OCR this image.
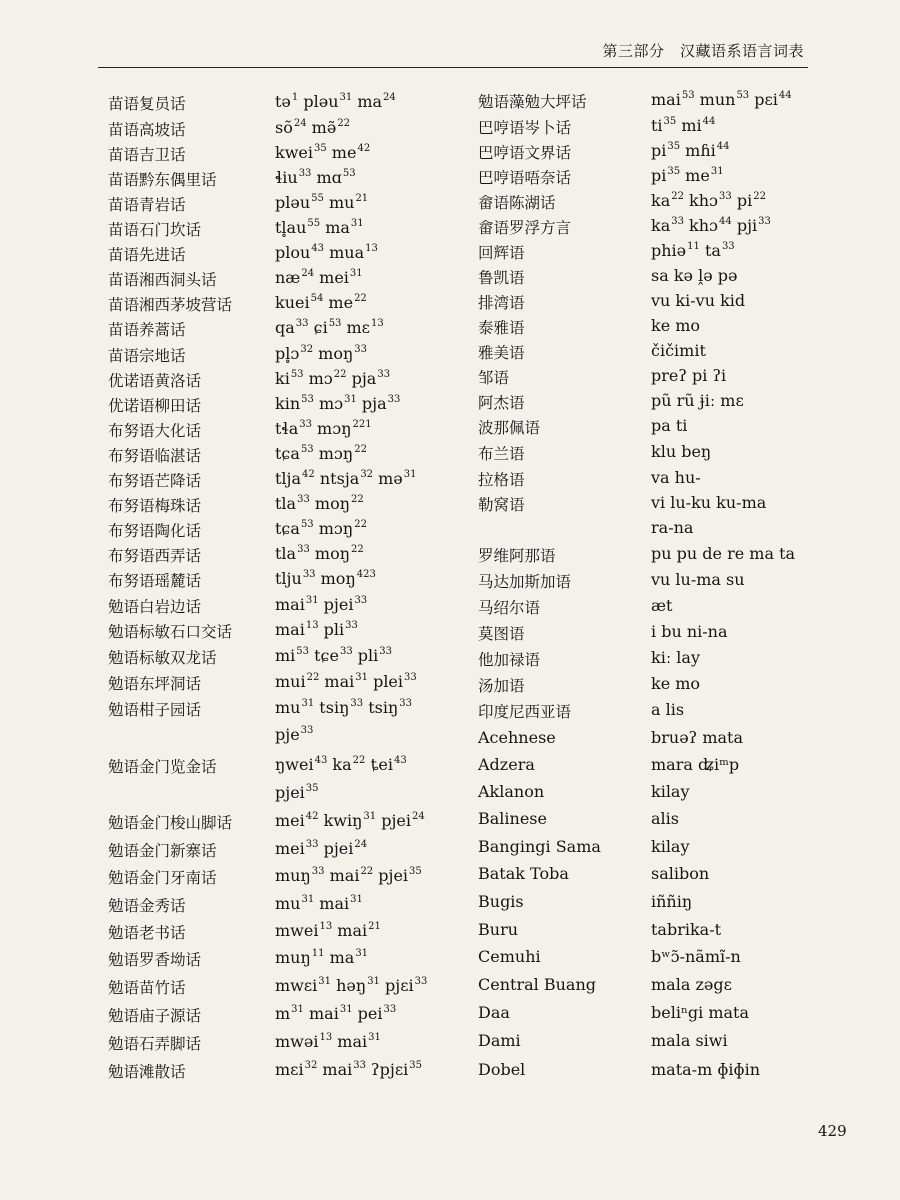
第三部分　汉藏语系语言词表
苗语复员话	tə$^1$ pləu$^{31}$ $ma^{24}$
苗语高坡话	$sõ^{24}$ mə̃$^{22}$
苗语吉卫话	kwei$^{35}$ $me^{42}$
苗语黔东偶里话	ɬiu$^{33}$ mɑ$^{53}$
苗语青岩话	pləu$^{55}$ $mu^{21}$
苗语石门坎话	$tl̥au^{55}$ $ma^{31}$
苗语先进话	plou$^{43}$ mua$^{13}$
苗语湘西洞头话	$næ^{24}$ mei$^{31}$
苗语湘西茅坡营话	kuei$^{54}$ $me^{22}$
苗语养蒿话	$qa^{33}$ ɕi$^{53}$ mɛ$^{13}$
苗语宗地话	pl̥ɔ$^{32}$ moŋ$^{33}$
优诺语黄洛话	$ki^{53}$ mɔ$^{22}$ pja$^{33}$
优诺语柳田话	kin$^{53}$ mɔ$^{31}$ pja$^{33}$
布努语大化话	tɬa$^{33}$ mɔŋ$^{221}$
布努语临湛话	tɕa$^{53}$ mɔŋ$^{22}$
布努语芒降话	tlja$^{42}$ ntsja$^{32}$ mə$^{31}$
布努语梅珠话	tla$^{33}$ moŋ$^{22}$
布努语陶化话	tɕa$^{53}$ mɔŋ$^{22}$
布努语西弄话	tla$^{33}$ moŋ$^{22}$
布努语瑶麓话	tlju$^{33}$ moŋ$^{423}$
勉语白岩边话	mai$^{31}$ pjei$^{33}$
勉语标敏石口交话	mai$^{13}$ pli$^{33}$
勉语标敏双龙话	$mi^{53}$ tɕe$^{33}$ pli$^{33}$
勉语东坪洞话	mui$^{22}$ mai$^{31}$ plei$^{33}$
勉语柑子园话	$mu^{31}$ tsiŋ$^{33}$ tsiŋ$^{33}$
pje$^{33}$
勉语金门览金话	ŋwei$^{43}$ $ka^{22}$ ȶei$^{43}$
pjei$^{35}$
勉语金门梭山脚话	mei$^{42}$ kwiŋ$^{31}$ pjei$^{24}$
勉语金门新寨话	mei$^{33}$ pjei$^{24}$
勉语金门牙南话	muŋ$^{33}$ mai$^{22}$ pjei$^{35}$
勉语金秀话	$mu^{31}$ mai$^{31}$
勉语老书话	mwei$^{13}$ mai$^{21}$
勉语罗香坳话	muŋ$^{11}$ $ma^{31}$
勉语苗竹话	mwɛi$^{31}$ həŋ$^{31}$ pjɛi$^{33}$
勉语庙子源话	$m^{31}$ mai$^{31}$ pei$^{33}$
勉语石弄脚话	mwəi$^{13}$ mai$^{31}$
勉语滩散话	mɛi$^{32}$ mai$^{33}$ ʔpjɛi$^{35}$
勉语藻勉大坪话	mai$^{53}$ mun$^{53}$ pɛi$^{44}$
巴哼语岑卜话	$ti^{35}$ $mi^{44}$
巴哼语文界话	$pi^{35}$ mɦi$^{44}$
巴哼语唔奈话	$pi^{35}$ $me^{31}$
畲语陈湖话	$ka^{22}$ khɔ$^{33}$ $pi^{22}$
畲语罗浮方言	$ka^{33}$ khɔ$^{44}$ pji$^{33}$
回辉语	phiə$^{11}$ $ta^{33}$
鲁凯语	sa kə ḽə pə
排湾语	vu ki-vu kid
泰雅语	ke mo
雅美语	čičimit
邹语	preʔ pi ʔi
阿杰语	pũ rũ ɉiː mɛ
波那佩语	pa ti
布兰语	klu beŋ
拉格语	va hu-
勒窝语	vi lu-ku ku-ma
ra-na
罗维阿那语	pu pu de re ma ta
马达加斯加语	vu lu-ma su
马绍尔语	æt
莫图语	i bu ni-na
他加禄语	kiː lay
汤加语	ke mo
印度尼西亚语	a lis
Acehnese	bruəʔ mata
Adzera	mara ʥiᵐp
Aklanon	kilay
Balinese	alis
Bangingi Sama	kilay
Batak Toba	salibon
Bugis	iññiŋ
Buru	tabrika-t
Cemuhi	bʷɔ̃-nãmĩ-n
Central Buang	mala zəgɛ
Daa	beliⁿgi mata
Dami	mala siwi
Dobel	mata-m ɸiɸin
429
